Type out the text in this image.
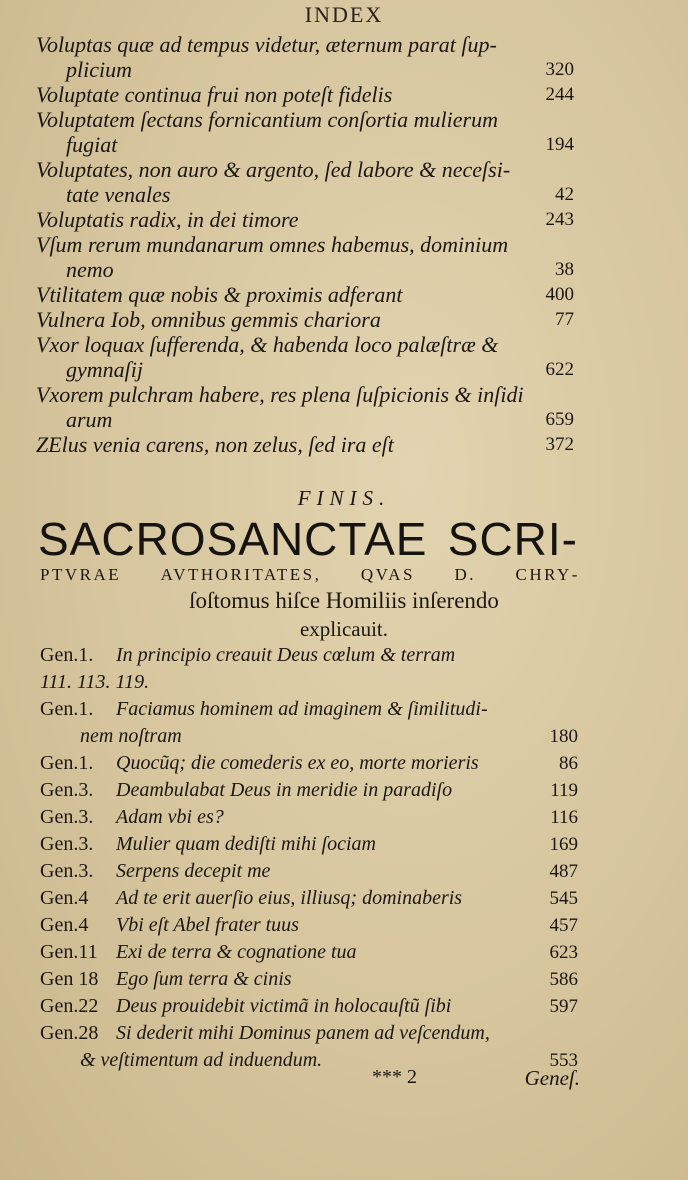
INDEX
Voluptas quæ ad tempus videtur, æternum parat ſup‑
plicium	320
Voluptate continua frui non poteſt fidelis	244
Voluptatem ſectans fornicantium conſortia mulierum
fugiat	194
Voluptates, non auro & argento, ſed labore & neceſsi‑
tate venales	42
Voluptatis radix, in dei timore	243
Vſum rerum mundanarum omnes habemus, dominium
nemo	38
Vtilitatem quæ nobis & proximis adferant	400
Vulnera Iob, omnibus gemmis chariora	77
Vxor loquax ſufferenda, & habenda loco palæſtræ &
gymnaſij	622
Vxorem pulchram habere, res plena ſuſpicionis & inſidi
arum	659
ZElus venia carens, non zelus, ſed ira eſt	372
FINIS.
SACROSANCTAE SCRI‑
PTVRAE AVTHORITATES, QVAS D. CHRY‑
ſoſtomus hiſce Homiliis inſerendo
explicauit.
Gen.1. In principio creauit Deus cœlum & terram
111. 113. 119.
Gen.1. Faciamus hominem ad imaginem & ſimilitudi‑
nem noſtram	180
Gen.1. Quocũq; die comederis ex eo, morte morieris	86
Gen.3. Deambulabat Deus in meridie in paradiſo	119
Gen.3. Adam vbi es?	116
Gen.3. Mulier quam dediſti mihi ſociam	169
Gen.3. Serpens decepit me	487
Gen.4 Ad te erit auerſio eius, illiusq; dominaberis	545
Gen.4 Vbi eſt Abel frater tuus	457
Gen.11 Exi de terra & cognatione tua	623
Gen 18 Ego ſum terra & cinis	586
Gen.22 Deus prouidebit victimã in holocauſtũ ſibi	597
Gen.28 Si dederit mihi Dominus panem ad veſcendum,
& veſtimentum ad induendum.	553
*** 2	Geneſ.
